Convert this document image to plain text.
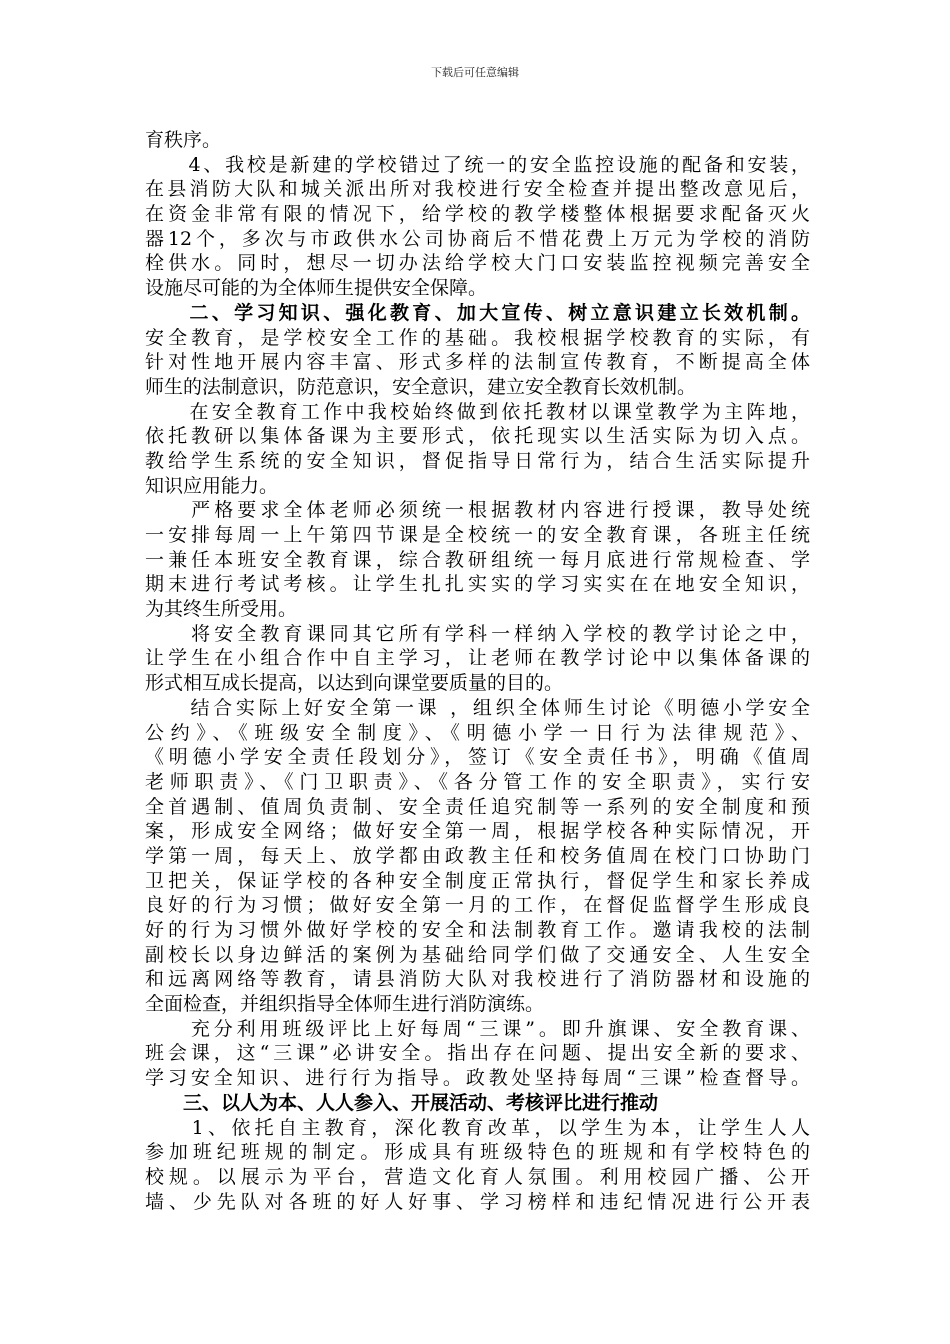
下载后可任意编辑
育秩序。
　　4、我校是新建的学校错过了统一的安全监控设施的配备和安装，
在县消防大队和城关派出所对我校进行安全检查并提出整改意见后，
在资金非常有限的情况下，给学校的教学楼整体根据要求配备灭火
器12个，多次与市政供水公司协商后不惜花费上万元为学校的消防
栓供水。同时，想尽一切办法给学校大门口安装监控视频完善安全
设施尽可能的为全体师生提供安全保障。
　　二、学习知识、强化教育、加大宣传、树立意识建立长效机制。
安全教育，是学校安全工作的基础。我校根据学校教育的实际，有
针对性地开展内容丰富、形式多样的法制宣传教育，不断提高全体
师生的法制意识，防范意识，安全意识，建立安全教育长效机制。
　　在安全教育工作中我校始终做到依托教材以课堂教学为主阵地，
依托教研以集体备课为主要形式，依托现实以生活实际为切入点。
教给学生系统的安全知识，督促指导日常行为，结合生活实际提升
知识应用能力。
　　严格要求全体老师必须统一根据教材内容进行授课，教导处统
一安排每周一上午第四节课是全校统一的安全教育课，各班主任统
一兼任本班安全教育课，综合教研组统一每月底进行常规检查、学
期末进行考试考核。让学生扎扎实实的学习实实在在地安全知识，
为其终生所受用。
　　将安全教育课同其它所有学科一样纳入学校的教学讨论之中，
让学生在小组合作中自主学习，让老师在教学讨论中以集体备课的
形式相互成长提高，以达到向课堂要质量的目的。
　　结合实际上好安全第一课 ，组织全体师生讨论《明德小学安全
公约》、《班级安全制度》、《明德小学一日行为法律规范》、
《明德小学安全责任段划分》，签订《安全责任书》，明确《值周
老师职责》、《门卫职责》、《各分管工作的安全职责》，实行安
全首遇制、值周负责制、安全责任追究制等一系列的安全制度和预
案，形成安全网络；做好安全第一周，根据学校各种实际情况，开
学第一周，每天上、放学都由政教主任和校务值周在校门口协助门
卫把关，保证学校的各种安全制度正常执行，督促学生和家长养成
良好的行为习惯；做好安全第一月的工作，在督促监督学生形成良
好的行为习惯外做好学校的安全和法制教育工作。邀请我校的法制
副校长以身边鲜活的案例为基础给同学们做了交通安全、人生安全
和远离网络等教育，请县消防大队对我校进行了消防器材和设施的
全面检查，并组织指导全体师生进行消防演练。
　　充分利用班级评比上好每周“三课”。即升旗课、安全教育课、
班会课，这“三课”必讲安全。指出存在问题、提出安全新的要求、
学习安全知识、进行行为指导。政教处坚持每周“三课”检查督导。
　　三、以人为本、人人参入、开展活动、考核评比进行推动
　　1、依托自主教育，深化教育改革，以学生为本，让学生人人
参加班纪班规的制定。形成具有班级特色的班规和有学校特色的
校规。以展示为平台，营造文化育人氛围。利用校园广播、公开
墙、少先队对各班的好人好事、学习榜样和违纪情况进行公开表
